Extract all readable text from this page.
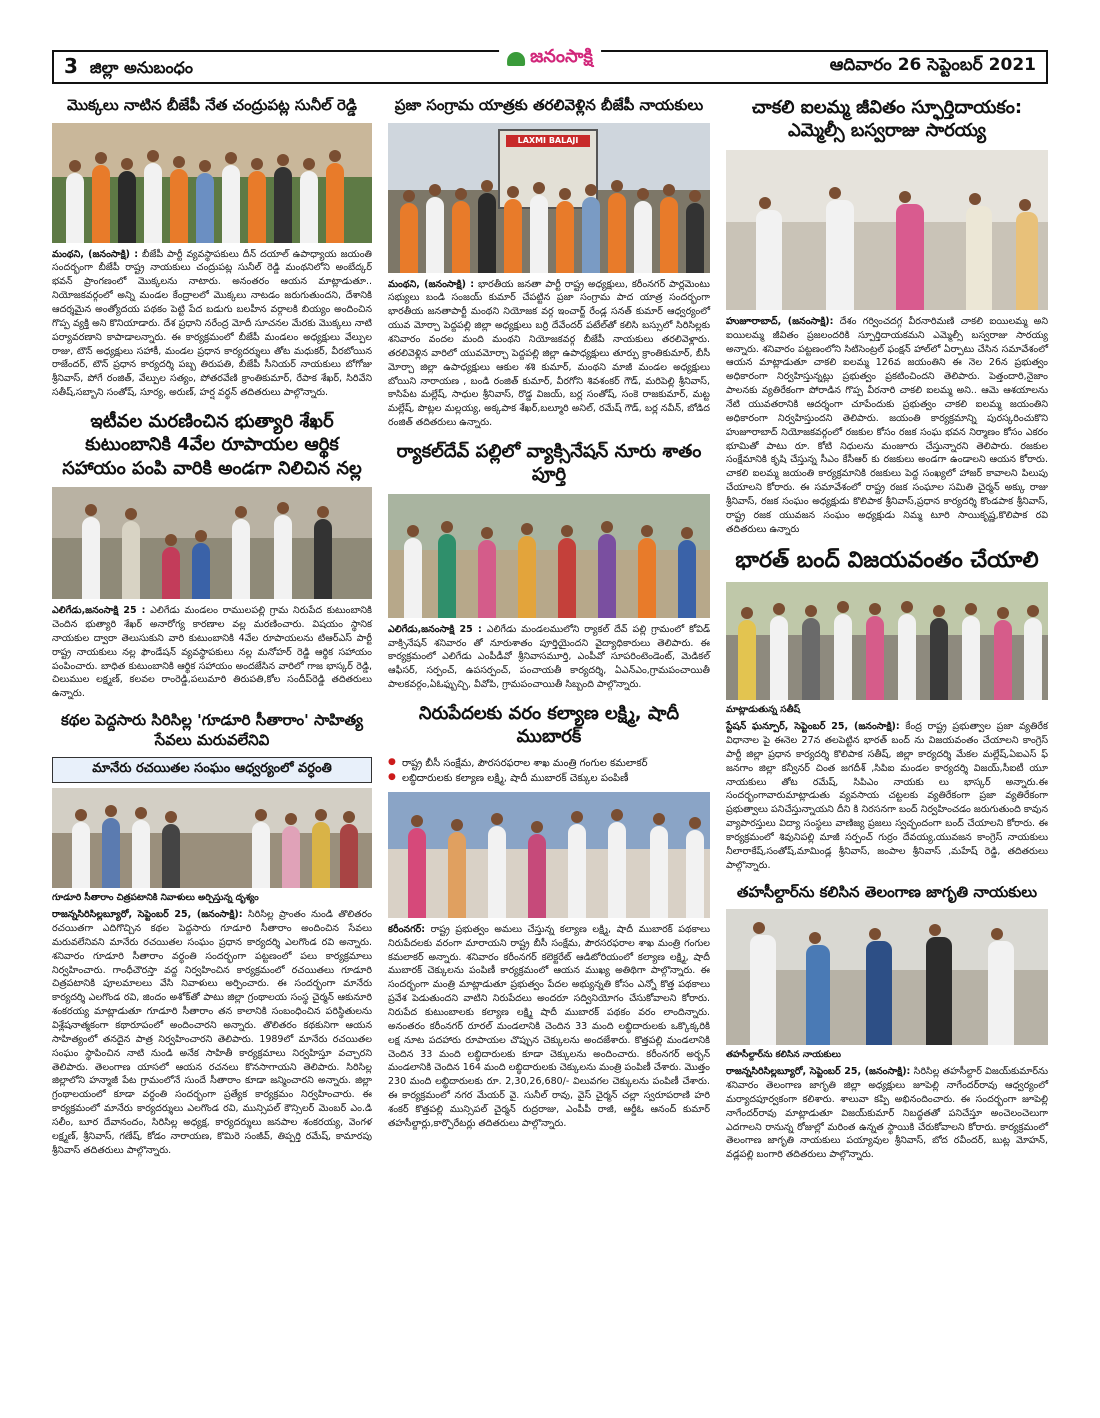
3 జిల్లా అనుబంధం	జనంసాక్షి	ఆదివారం 26 సెప్టెంబర్ 2021
మొక్కలు నాటిన బీజేపీ నేత చంద్రుపట్ల సునీల్ రెడ్డి
మంథని, (జనంసాక్షి) : బీజేపీ పార్టీ వ్యవస్థాపకులు దీన్ దయాల్ ఉపాధ్యాయ జయంతి సందర్భంగా బీజేపీ రాష్ట్ర నాయకులు చంద్రుపట్ల సునీల్ రెడ్డి మంథనిలోని అంబేద్కర్ భవన్ ప్రాంగణంలో మొక్కలను నాటారు. అనంతరం ఆయన మాట్లాడుతూ.. నియోజకవర్గంలో అన్ని మండల కేంద్రాలలో మొక్కలు నాటడం జరుగుతుందని, దేశానికి ఆదర్శమైన అంత్యోదయ పథకం పెట్టి పేద బడుగు బలహీన వర్గాలకి బియ్యం అందించిన గొప్ప వ్యక్తి అని కొనియాడారు. దేశ ప్రధాని నరేంద్ర మోదీ సూచనల మేరకు మొక్కలు నాటి పర్యావరణాని కాపాడాలన్నారు. ఈ కార్యక్రమంలో బీజేపీ మండలం అధ్యక్షులు వేల్పుల రాజు, టౌన్ అధ్యక్షులు సహాకీ, మండల ప్రధాన కార్యదర్శులు తోట మధుకర్, వీరబోయిన రాజేందర్, టౌన్ ప్రధాన కార్యదర్శి పబ్బ తిరుపతి, బీజేపీ సీనియర్ నాయకులు బోగోజు శ్రీనివాస్, పోగే రంజిత్, వేల్పుల సత్యం, పోతరవేణి క్రాంతికుమార్, రేపాక శేఖర్, సిరివేని సతీష్,సబ్బాని సంతోష్, సూర్య, అరుణ్, హర్ష వర్ధన్ తదితరులు పాల్గొన్నారు.
ఇటీవల మరణించిన భుత్యారి శేఖర్ కుటుంబానికి 4వేల రూపాయల ఆర్థిక సహాయం పంపి వారికి అండగా నిలిచిన నల్ల
ఎలిగేడు,జనంసాక్షి 25 : ఎలిగేడు మండలం రాములపల్లి గ్రామ నిరుపేద కుటుంబానికి చెందిన భుత్యారి శేఖర్ అనారోగ్య కారణాల వల్ల మరణించారు. విషయం స్థానిక నాయకుల ద్వారా తెలుసుకుని వారి కుటుంబానికి 4వేల రూపాయలను టిఆర్ఎస్ పార్టీ రాష్ట్ర నాయకులు నల్ల ఫౌండేషన్ వ్యవస్థాపకులు నల్ల మనోహర్ రెడ్డి ఆర్థిక సహాయం పంపించారు. బాధిత కుటుంబానికి ఆర్థిక సహాయం అందజేసిన వారిలో గాజ భాస్కర్ రెడ్డి, చిలుముల లక్ష్మణ్, కలవల రాంరెడ్డి,పలుమారి తిరుపతి,కోల సందీప్‌రెడ్డి తదితరులు ఉన్నారు.
కథల పెద్దసారు సిరిసిల్ల 'గూడూరి సీతారాం' సాహిత్య సేవలు మరువలేనివి
మానేరు రచయితల సంఘం ఆధ్వర్యంలో వర్ధంతి
గూడూరి సీతారాం చిత్రపటానికి నివాళులు అర్పిస్తున్న దృశ్యం
రాజన్నసిరిసిల్లబ్యూరో, సెప్టెంబర్ 25, (జనంసాక్షి): సిరిసిల్ల ప్రాంతం నుండి తొలితరం రచయితగా ఎదిగొచ్చిన కథల పెద్దసారు గూడూరి సీతారాం అందించిన సేవలు మరువలేనివని మానేరు రచయితల సంఘం ప్రధాన కార్యదర్శి ఎలగొండ రవి అన్నారు. శనివారం గూడూరి సీతారాం వర్ధంతి సందర్భంగా పట్టణంలో పలు కార్యక్రమాలు నిర్వహించారు. గాంధీచౌరస్తా వద్ద నిర్వహించిన కార్యక్రమంలో రచయితలు గూడూరి చిత్రపటానికి పూలమాలలు వేసి నివాళులు అర్పించారు. ఈ సందర్భంగా మానేరు కార్యదర్శి ఎలగొండ రవి, జిందం అశోక్‌తో పాటు జిల్లా గ్రంథాలయ సంస్థ చైర్మన్ ఆకునూరి శంకరయ్య మాట్లాడుతూ గూడూరి సీతారాం తన కాలానికి సంబంధించిన పరిస్థితులను విశ్లేషనాత్మకంగా కథారూపంలో అందించారని అన్నారు. తొలితరం కథకునిగా ఆయన సాహిత్యంలో తనదైన పాత్ర నిర్వహించారని తెలిపారు. 1989లో మానేరు రచయితల సంఘం స్థాపించిన నాటి నుండి అనేక సాహితీ కార్యక్రమాలు నిర్వహిస్తూ వచ్చారని తెలిపారు. తెలంగాణ యాసలో ఆయన రచనలు కొనసాగాయని తెలిపారు. సిరిసిల్ల జిల్లాలోని హన్మాజీ పేట గ్రామంలోనే సుందే సీతారాం కూడా జన్మించారని అన్నారు. జిల్లా గ్రంథాలయంలో కూడా వర్ధంతి సందర్భంగా ప్రత్యేక కార్యక్రమం నిర్వహించారు. ఈ కార్యక్రమంలో మానేరు కార్యదర్శులు ఎలగొండ రవి, మున్సిపల్ కౌన్సిలర్ మెంబర్ ఎం.డి సలీం, బూర దేవానందం, సిరిసిల్ల అధ్యక్ష, కార్యదర్శులు జనపాల శంకరయ్య, వెంగళ లక్ష్మణ్, శ్రీనివాస్, గణేష్, కోడం నారాయణ, కొమిరె సంజీవ్, తిప్పర్తి రమేష్, కామారపు శ్రీనివాస్ తదితరులు పాల్గొన్నారు.
ప్రజా సంగ్రామ యాత్రకు తరలివెళ్లిన బీజేపీ నాయకులు
LAXMI BALAJI
మంథని, (జనంసాక్షి) : భారతీయ జనతా పార్టీ రాష్ట్ర అధ్యక్షులు, కరీంనగర్ పార్లమెంటు సభ్యులు బండి సంజయ్ కుమార్ చేపట్టిన ప్రజా సంగ్రామ పాద యాత్ర సందర్భంగా భారతీయ జనతాపార్టీ మంథని నియోజక వర్గ ఇంచార్జ్ రేండ్ల సనత్ కుమార్ ఆధ్వర్యంలో యువ మోర్చా పెద్దపల్లి జిల్లా అధ్యక్షులు బర్రి దేవేందర్ పటేల్‌తో కలిసి బస్సులో సిరిసిల్లకు శనివారం వందల మంది మంథని నియోజకవర్గ బీజేపీ నాయకులు తరలివెళ్లారు. తరలివెళ్లిన వారిలో యువమోర్చా పెద్దపల్లి జిల్లా ఉపాధ్యక్షులు తూర్పు క్రాంతికుమార్, బీసీ మోర్చా జిల్లా ఉపాధ్యక్షులు ఆకుల శశి కుమార్, మంథని మాజీ మండల అధ్యక్షులు బోయిని నారాయణ , బండి రంజిత్ కుమార్, వీరగోని శివశంకర్ గౌడ్, మరిపెల్లి శ్రీనివాస్, కాసిపేట మల్లేష్, సాధుల శ్రీనివాస్, రొడ్డ విజయ్, బర్ల సంతోష్, సంకె రాజకుమార్, మట్ట మల్లేష్, పొట్లల మల్లయ్య, అక్కపాక శేఖర్,బల్మూరి అనిల్, రమేష్ గౌడ్, బర్ల నవీన్, బోడిద రంజిత్ తదితరులు ఉన్నారు.
ర్యాకల్‌దేవ్ పల్లిలో వ్యాక్సినేషన్ నూరు శాతం పూర్తి
ఎలిగేడు,జనంసాక్షి 25 : ఎలిగేడు మండలములోని ర్యాకల్ దేవ్ పల్లి గ్రామంలో కోవిడ్ వాక్సినేషన్ శనివారం తో నూరుశాతం పూర్తియైందని వైద్యాధికారులు తెలిపారు. ఈ కార్యక్రమంలో ఎలిగేడు ఎంపీడీవో శ్రీనివాసమూర్తి, ఎంపీవో సూపరింటెండెంట్, మెడికల్ ఆఫీసర్, సర్పంచ్, ఉపసర్పంచ్, పంచాయతీ కార్యదర్శి, ఏఎన్ఎం,గ్రామపంచాయితీ పాలకవర్గం,ఏఓఫ్బుచ్చి, వీవోపి, గ్రామపంచాయితీ సిబ్బంది పాల్గొన్నారు.
నిరుపేదలకు వరం కల్యాణ లక్ష్మి, షాదీ ముబారక్
● రాష్ట్ర బీసీ సంక్షేమ, పౌరసరఫరాల శాఖ మంత్రి గంగుల కమలాకర్
● లబ్ధిదారులకు కల్యాణ లక్ష్మి, షాదీ ముబారక్ చెక్కుల పంపిణీ
కరీంనగర్: రాష్ట్ర ప్రభుత్వం అమలు చేస్తున్న కల్యాణ లక్ష్మి, షాదీ ముబారక్ పథకాలు నిరుపేదలకు వరంగా మారాయని రాష్ట్ర బీసీ సంక్షేమ, పౌరసరఫరాల శాఖ మంత్రి గంగుల కమలాకర్ అన్నారు. శనివారం కరీంనగర్ కలెక్టరేట్ ఆడిటోరియంలో కల్యాణ లక్ష్మి, షాదీ ముబారక్ చెక్కులను పంపిణీ కార్యక్రమంలో ఆయన ముఖ్య అతిథిగా పాల్గొన్నారు. ఈ సందర్భంగా మంత్రి మాట్లాడుతూ ప్రభుత్వం పేదల అభ్యున్నతి కోసం ఎన్నో కొత్త పథకాలు ప్రవేశ పెడుతుందని వాటిని నిరుపేదలు అందరూ సద్వినియోగం చేసుకోవాలని కోరారు. నిరుపేద కుటుంబాలకు కల్యాణ లక్ష్మి షాదీ ముబారక్ పథకం వరం లాందిన్నారు. అనంతరం కరీంనగర్ రూరల్ మండలానికి చెందిన 33 మంది లబ్ధిదారులకు ఒక్కొక్కరికి లక్ష నూట పదహారు రూపాయల చొప్పున చెక్కులను అందజేశారు. కొత్తపల్లి మండలానికి చెందిన 33 మంది లబ్ధిదారులకు కూడా చెక్కులను అందించారు. కరీంనగర్ అర్బన్ మండలానికి చెందిన 164 మంది లబ్ధిదారులకు చెక్కులను మంత్రి పంపిణీ చేశారు. మొత్తం 230 మంది లబ్ధిదారులకు రూ. 2,30,26,680/- విలువగల చెక్కులను పంపిణీ చేశారు. ఈ కార్యక్రమంలో నగర మేయర్ వై. సునీల్ రావు, వైస్ చైర్మన్ చల్లా స్వరూపరాణి హరి శంకర్ కొత్తపల్లి మున్సిపల్ చైర్మన్ రుద్రరాజు, ఎంపీపీ రాజీ, ఆర్డీఓ ఆనంద్ కుమార్ తహసీల్దార్లు,కార్పొరేటర్లు తదితరులు పాల్గొన్నారు.
చాకలి ఐలమ్మ జీవితం స్ఫూర్తిదాయకం: ఎమ్మెల్సీ బస్వరాజు సారయ్య
హుజూరాబాద్, (జనంసాక్షి): దేశం గర్వించదగ్గ వీరనారిమణి చాకలి ఐయిలమ్మ అని ఐయిలమ్మ జీవితం ప్రజలందరికి స్పూర్తిదాయకమని ఎమ్మెల్సీ బస్వరాజు సారయ్య అన్నారు. శనివారం పట్టణంలోని సిటిసెంట్రల్ ఫంక్షన్ హాల్‌లో ఏర్పాటు చేసిన సమావేశంలో ఆయన మాట్లాడుతూ చాకలి ఐలమ్మ 126వ జయంతిని ఈ నెల 26న ప్రభుత్వం అధికారంగా నిర్వహిస్తున్నట్లు ప్రభుత్వం ప్రకటించిందని తెలిపారు. పెత్తందారి,నైజాం పాలనకు వ్యతిరేకంగా పోరాడిన గొప్ప వీరనారి చాకలి ఐలమ్మ అని.. ఆమె ఆశయాలను నేటి యువతరానికి ఆదర్శంగా చూపేందుకు ప్రభుత్వం చాకలి ఐలమ్మ జయంతిని అధికారంగా నిర్వహిస్తుందని తెలిపారు. జయంతి కార్యక్రమాన్ని పురస్కరించుకొని హుజూరాబాద్ నియోజకవర్గంలో రజకుల కోసం రజక సంఘ భవన నిర్మాణం కోసం ఎకరం భూమితో పాటు రూ. కోటి నిధులను మంజూరు చేస్తున్నారని తెలిపారు. రజకుల సంక్షేమానికి కృషి చేస్తున్న సీఎం కేసీఆర్ కు రజకులు అండగా ఉండాలని ఆయన కోరారు. చాకలి ఐలమ్మ జయంతి కార్యక్రమానికి రజకులు పెద్ద సంఖ్యలో హాజర్ కావాలని పిలుపు చేయాలని కోరారు. ఈ సమావేశంలో రాష్ట్ర రజక సంఘాల సమితి చైర్మన్ అక్కు రాజు శ్రీనివాస్, రజక సంఘం అధ్యక్షుడు కొలిపాక శ్రీనివాస్,ప్రధాన కార్యదర్శి కొండపాక శ్రీనివాస్, రాష్ట్ర రజక యువజన సంఘం అధ్యక్షుడు నిమ్మ టూరి సాయికృష్ణ,కొలిపాక రవి తదితరులు ఉన్నారు
భారత్ బంద్ విజయవంతం చేయాలి
మాట్లాడుతున్న సతీష్
స్టేషన్ ఘన్పూర్, సెప్టెంబర్ 25, (జనంసాక్షి): కేంద్ర రాష్ట్ర ప్రభుత్వాల ప్రజా వ్యతిరేక విధానాల పై ఈనెల 27న తలపెట్టిన భారత్ బంద్ ను విజయవంతం చేయాలని కాంగ్రెస్ పార్టీ జిల్లా ప్రధాన కార్యదర్శి కొలిపాక సతీష్, జిల్లా కార్యదర్శి మేకల మల్లేష్,ఏఐఎస్ ఫ్ జనగాం జిల్లా కన్వీనర్ చింత జగదీశ్ ,సిపిఐ మండల కార్యదర్శి విజయ్,సీఐటీ యూ నాయకులు తోట రమేష్, సిపిఎం నాయకు లు భాస్కర్ అన్నారు.ఈ సందర్భంగావారుమాట్లాడుతు వ్యవసాయ చట్టలకు వ్యతిరేకంగా ప్రజా వ్యతిరేకంగా ప్రభుత్వాలు పనిచేస్తున్నాయని దీని కి నిరసనగా బంద్ నిర్వహించడం జరుగుతుంది కావున వ్యాపారస్తులు విద్యా సంస్థలు వాణిజ్య ప్రజలు స్వచ్ఛందంగా బంద్ చేయాలని కోరారు. ఈ కార్యక్రమంలో శివునిపల్లి మాజీ సర్పంచ్ గుర్రం దేవయ్య,యువజన కాంగ్రెస్ నాయకులు నీలారాకేష్,సంతోష్,మామిండ్ల శ్రీనివాస్, జంపాల శ్రీనివాస్ ,మహేష్ రెడ్డి, తదితరులు పాల్గొన్నారు.
తహసీల్దార్‌ను కలిసిన తెలంగాణ జాగృతి నాయకులు
తహసీల్దార్‌ను కలిసిన నాయకులు
రాజన్నసిరిసిల్లబ్యూరో, సెప్టెంబర్ 25, (జనంసాక్షి): సిరిసిల్ల తహసీల్దార్ విజయ్‌కుమార్‌ను శనివారం తెలంగాణ జాగృతి జిల్లా అధ్యక్షులు జూపెల్లి నాగేందర్‌రావు ఆధ్వర్యంలో మర్యాదపూర్వకంగా కలిశారు. శాలువా కప్పి అభినందించారు. ఈ సందర్భంగా జూపెల్లి నాగేందర్‌రావు మాట్లాడుతూ విజయ్‌కుమార్ నిబద్ధతతో పనిచేస్తూ అంచెలంచెలుగా ఎదగాలని రానున్న రోజుల్లో మరింత ఉన్నత స్థాయికి చేరుకోవాలని కోరారు. కార్యక్రమంలో తెలంగాణ జాగృతి నాయకులు పయ్యావుల శ్రీనివాస్, బోద రవీందర్, బుట్ల మోహన్, వడ్లపల్లి బంగారి తదితరులు పాల్గొన్నారు.
